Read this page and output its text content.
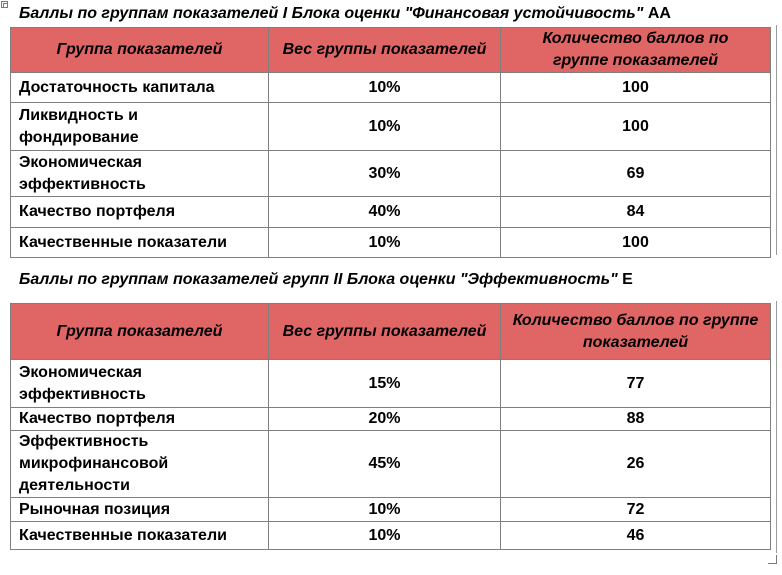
Баллы по группам показателей I Блока оценки "Финансовая устойчивость" АА
Группа показателей	Вес группы показателей	Количество баллов по группе показателей
Достаточность капитала	10%	100
Ликвидность и фондирование	10%	100
Экономическая эффективность	30%	69
Качество портфеля	40%	84
Качественные показатели	10%	100
Баллы по группам показателей групп II Блока оценки "Эффективность" Е
Группа показателей	Вес группы показателей	Количество баллов по группе показателей
Экономическая эффективность	15%	77
Качество портфеля	20%	88
Эффективность микрофинансовой деятельности	45%	26
Рыночная позиция	10%	72
Качественные показатели	10%	46
